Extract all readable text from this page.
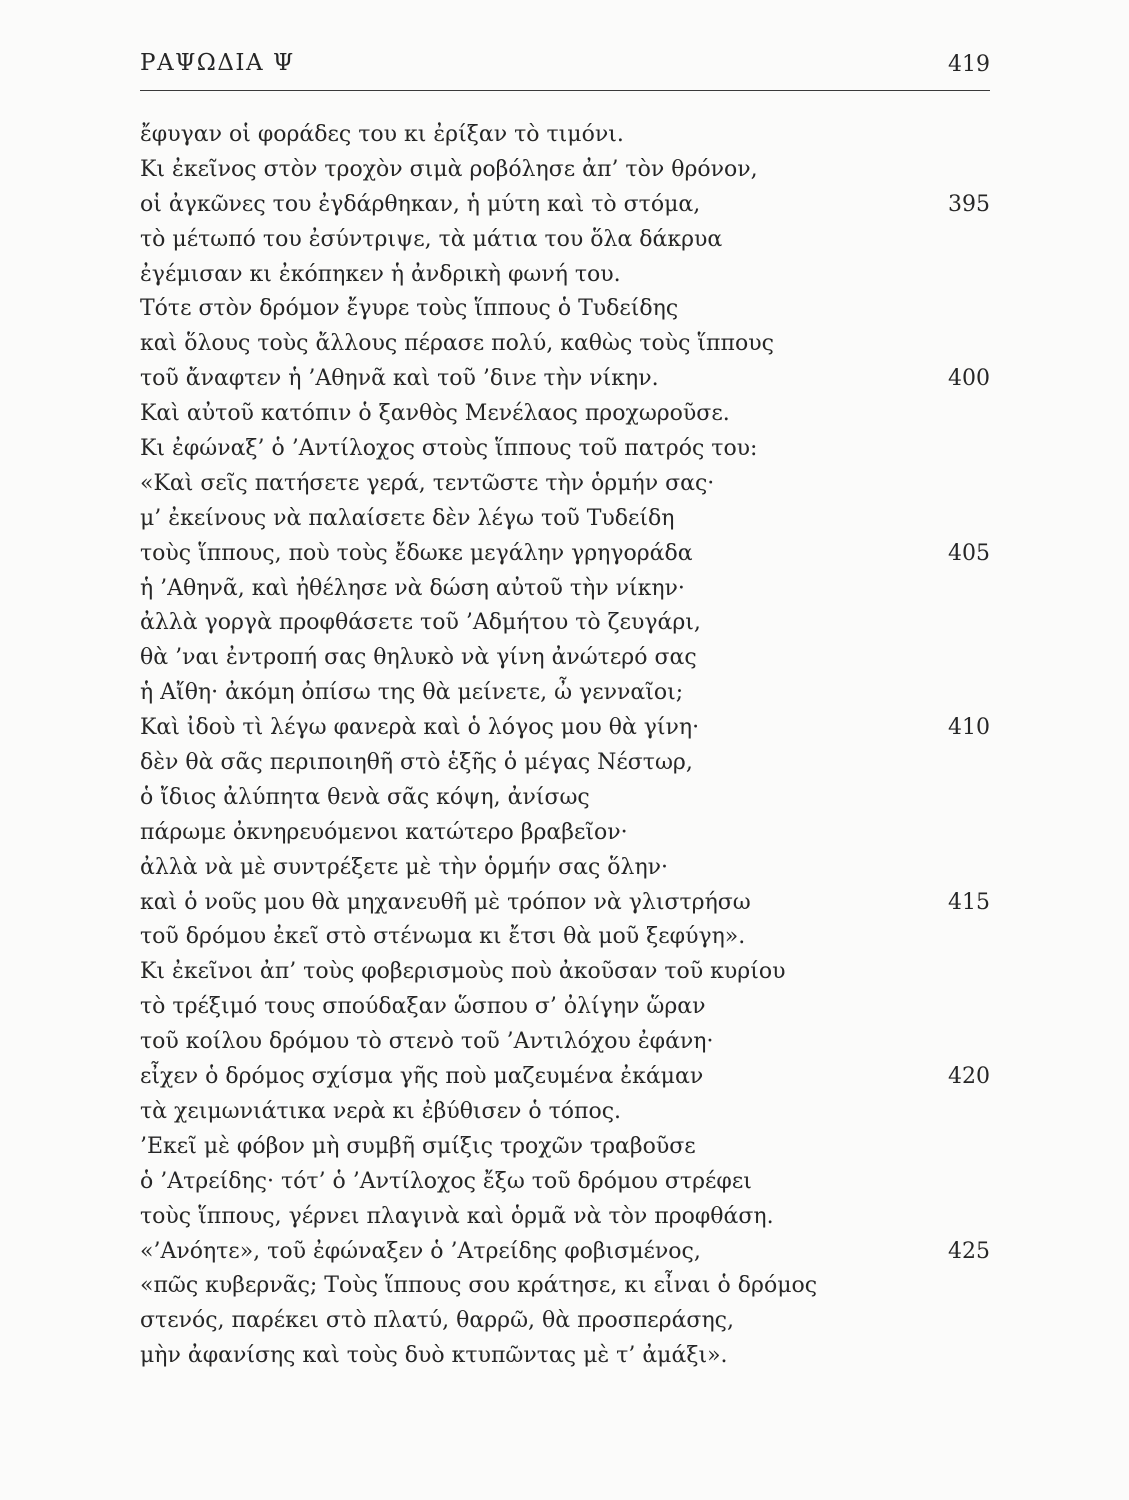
ΡΑΨΩΔΙΑ Ψ	419
ἔφυγαν οἱ φοράδες του κι ἐρίξαν τὸ τιμόνι.
Κι ἐκεῖνος στὸν τροχὸν σιμὰ ροβόλησε ἀπ’ τὸν θρόνον,
οἱ ἀγκῶνες του ἐγδάρθηκαν, ἡ μύτη καὶ τὸ στόμα,	395
τὸ μέτωπό του ἐσύντριψε, τὰ μάτια του ὅλα δάκρυα
ἐγέμισαν κι ἐκόπηκεν ἡ ἀνδρικὴ φωνή του.
Τότε στὸν δρόμον ἔγυρε τοὺς ἵππους ὁ Τυδείδης
καὶ ὅλους τοὺς ἄλλους πέρασε πολύ, καθὼς τοὺς ἵππους
τοῦ ἄναφτεν ἡ ’Αθηνᾶ καὶ τοῦ ’δινε τὴν νίκην.	400
Καὶ αὐτοῦ κατόπιν ὁ ξανθὸς Μενέλαος προχωροῦσε.
Κι ἐφώναξ’ ὁ ’Αντίλοχος στοὺς ἵππους τοῦ πατρός του:
«Καὶ σεῖς πατήσετε γερά, τεντῶστε τὴν ὁρμήν σας·
μ’ ἐκείνους νὰ παλαίσετε δὲν λέγω τοῦ Τυδείδη
τοὺς ἵππους, ποὺ τοὺς ἔδωκε μεγάλην γρηγοράδα	405
ἡ ’Αθηνᾶ, καὶ ἠθέλησε νὰ δώση αὐτοῦ τὴν νίκην·
ἀλλὰ γοργὰ προφθάσετε τοῦ ’Αδμήτου τὸ ζευγάρι,
θὰ ’ναι ἐντροπή σας θηλυκὸ νὰ γίνη ἀνώτερό σας
ἡ Αἴθη· ἀκόμη ὀπίσω της θὰ μείνετε, ὦ γενναῖοι;
Καὶ ἰδοὺ τὶ λέγω φανερὰ καὶ ὁ λόγος μου θὰ γίνη·	410
δὲν θὰ σᾶς περιποιηθῆ στὸ ἑξῆς ὁ μέγας Νέστωρ,
ὁ ἴδιος ἀλύπητα θενὰ σᾶς κόψη, ἀνίσως
πάρωμε ὀκνηρευόμενοι κατώτερο βραβεῖον·
ἀλλὰ νὰ μὲ συντρέξετε μὲ τὴν ὁρμήν σας ὅλην·
καὶ ὁ νοῦς μου θὰ μηχανευθῆ μὲ τρόπον νὰ γλιστρήσω	415
τοῦ δρόμου ἐκεῖ στὸ στένωμα κι ἔτσι θὰ μοῦ ξεφύγη».
Κι ἐκεῖνοι ἀπ’ τοὺς φοβερισμοὺς ποὺ ἀκοῦσαν τοῦ κυρίου
τὸ τρέξιμό τους σπούδαξαν ὥσπου σ’ ὀλίγην ὥραν
τοῦ κοίλου δρόμου τὸ στενὸ τοῦ ’Αντιλόχου ἐφάνη·
εἶχεν ὁ δρόμος σχίσμα γῆς ποὺ μαζευμένα ἐκάμαν	420
τὰ χειμωνιάτικα νερὰ κι ἐβύθισεν ὁ τόπος.
’Εκεῖ μὲ φόβον μὴ συμβῆ σμίξις τροχῶν τραβοῦσε
ὁ ’Ατρείδης· τότ’ ὁ ’Αντίλοχος ἔξω τοῦ δρόμου στρέφει
τοὺς ἵππους, γέρνει πλαγινὰ καὶ ὁρμᾶ νὰ τὸν προφθάση.
«’Ανόητε», τοῦ ἐφώναξεν ὁ ’Ατρείδης φοβισμένος,	425
«πῶς κυβερνᾶς; Τοὺς ἵππους σου κράτησε, κι εἶναι ὁ δρόμος
στενός, παρέκει στὸ πλατύ, θαρρῶ, θὰ προσπεράσης,
μὴν ἀφανίσης καὶ τοὺς δυὸ κτυπῶντας μὲ τ’ ἀμάξι».
